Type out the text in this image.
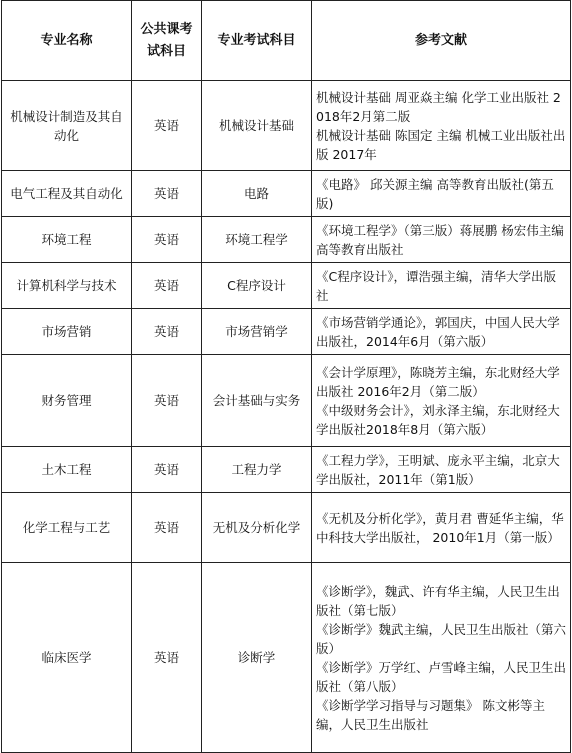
专业名称	公共课考试科目	专业考试科目	参考文献
机械设计制造及其自动化	英语	机械设计基础	机械设计基础 周亚焱主编 化学工业出版社 2018年2月第二版
机械设计基础 陈国定 主编 机械工业出版社出版 2017年

电气工程及其自动化	英语	电路	《电路》 邱关源主编 高等教育出版社(第五版)

环境工程	英语	环境工程学	《环境工程学》（第三版）蒋展鹏 杨宏伟主编 高等教育出版社

计算机科学与技术	英语	C程序设计	《C程序设计》，谭浩强主编，清华大学出版社

市场营销	英语	市场营销学	《市场营销学通论》，郭国庆，中国人民大学出版社，2014年6月（第六版）

财务管理	英语	会计基础与实务	《会计学原理》，陈晓芳主编，东北财经大学出版社 2016年2月（第二版）
《中级财务会计》，刘永泽主编，东北财经大学出版社2018年8月（第六版）

土木工程	英语	工程力学	《工程力学》，王明斌、庞永平主编，北京大学出版社，2011年（第1版）

化学工程与工艺	英语	无机及分析化学	《无机及分析化学》，黄月君 曹延华主编，华中科技大学出版社， 2010年1月（第一版）

临床医学	英语	诊断学	《诊断学》，魏武、许有华主编，人民卫生出版社（第七版）
《诊断学》魏武主编，人民卫生出版社（第六版）
《诊断学》万学红、卢雪峰主编，人民卫生出版社（第八版）
《诊断学学习指导与习题集》 陈文彬等主编，人民卫生出版社
